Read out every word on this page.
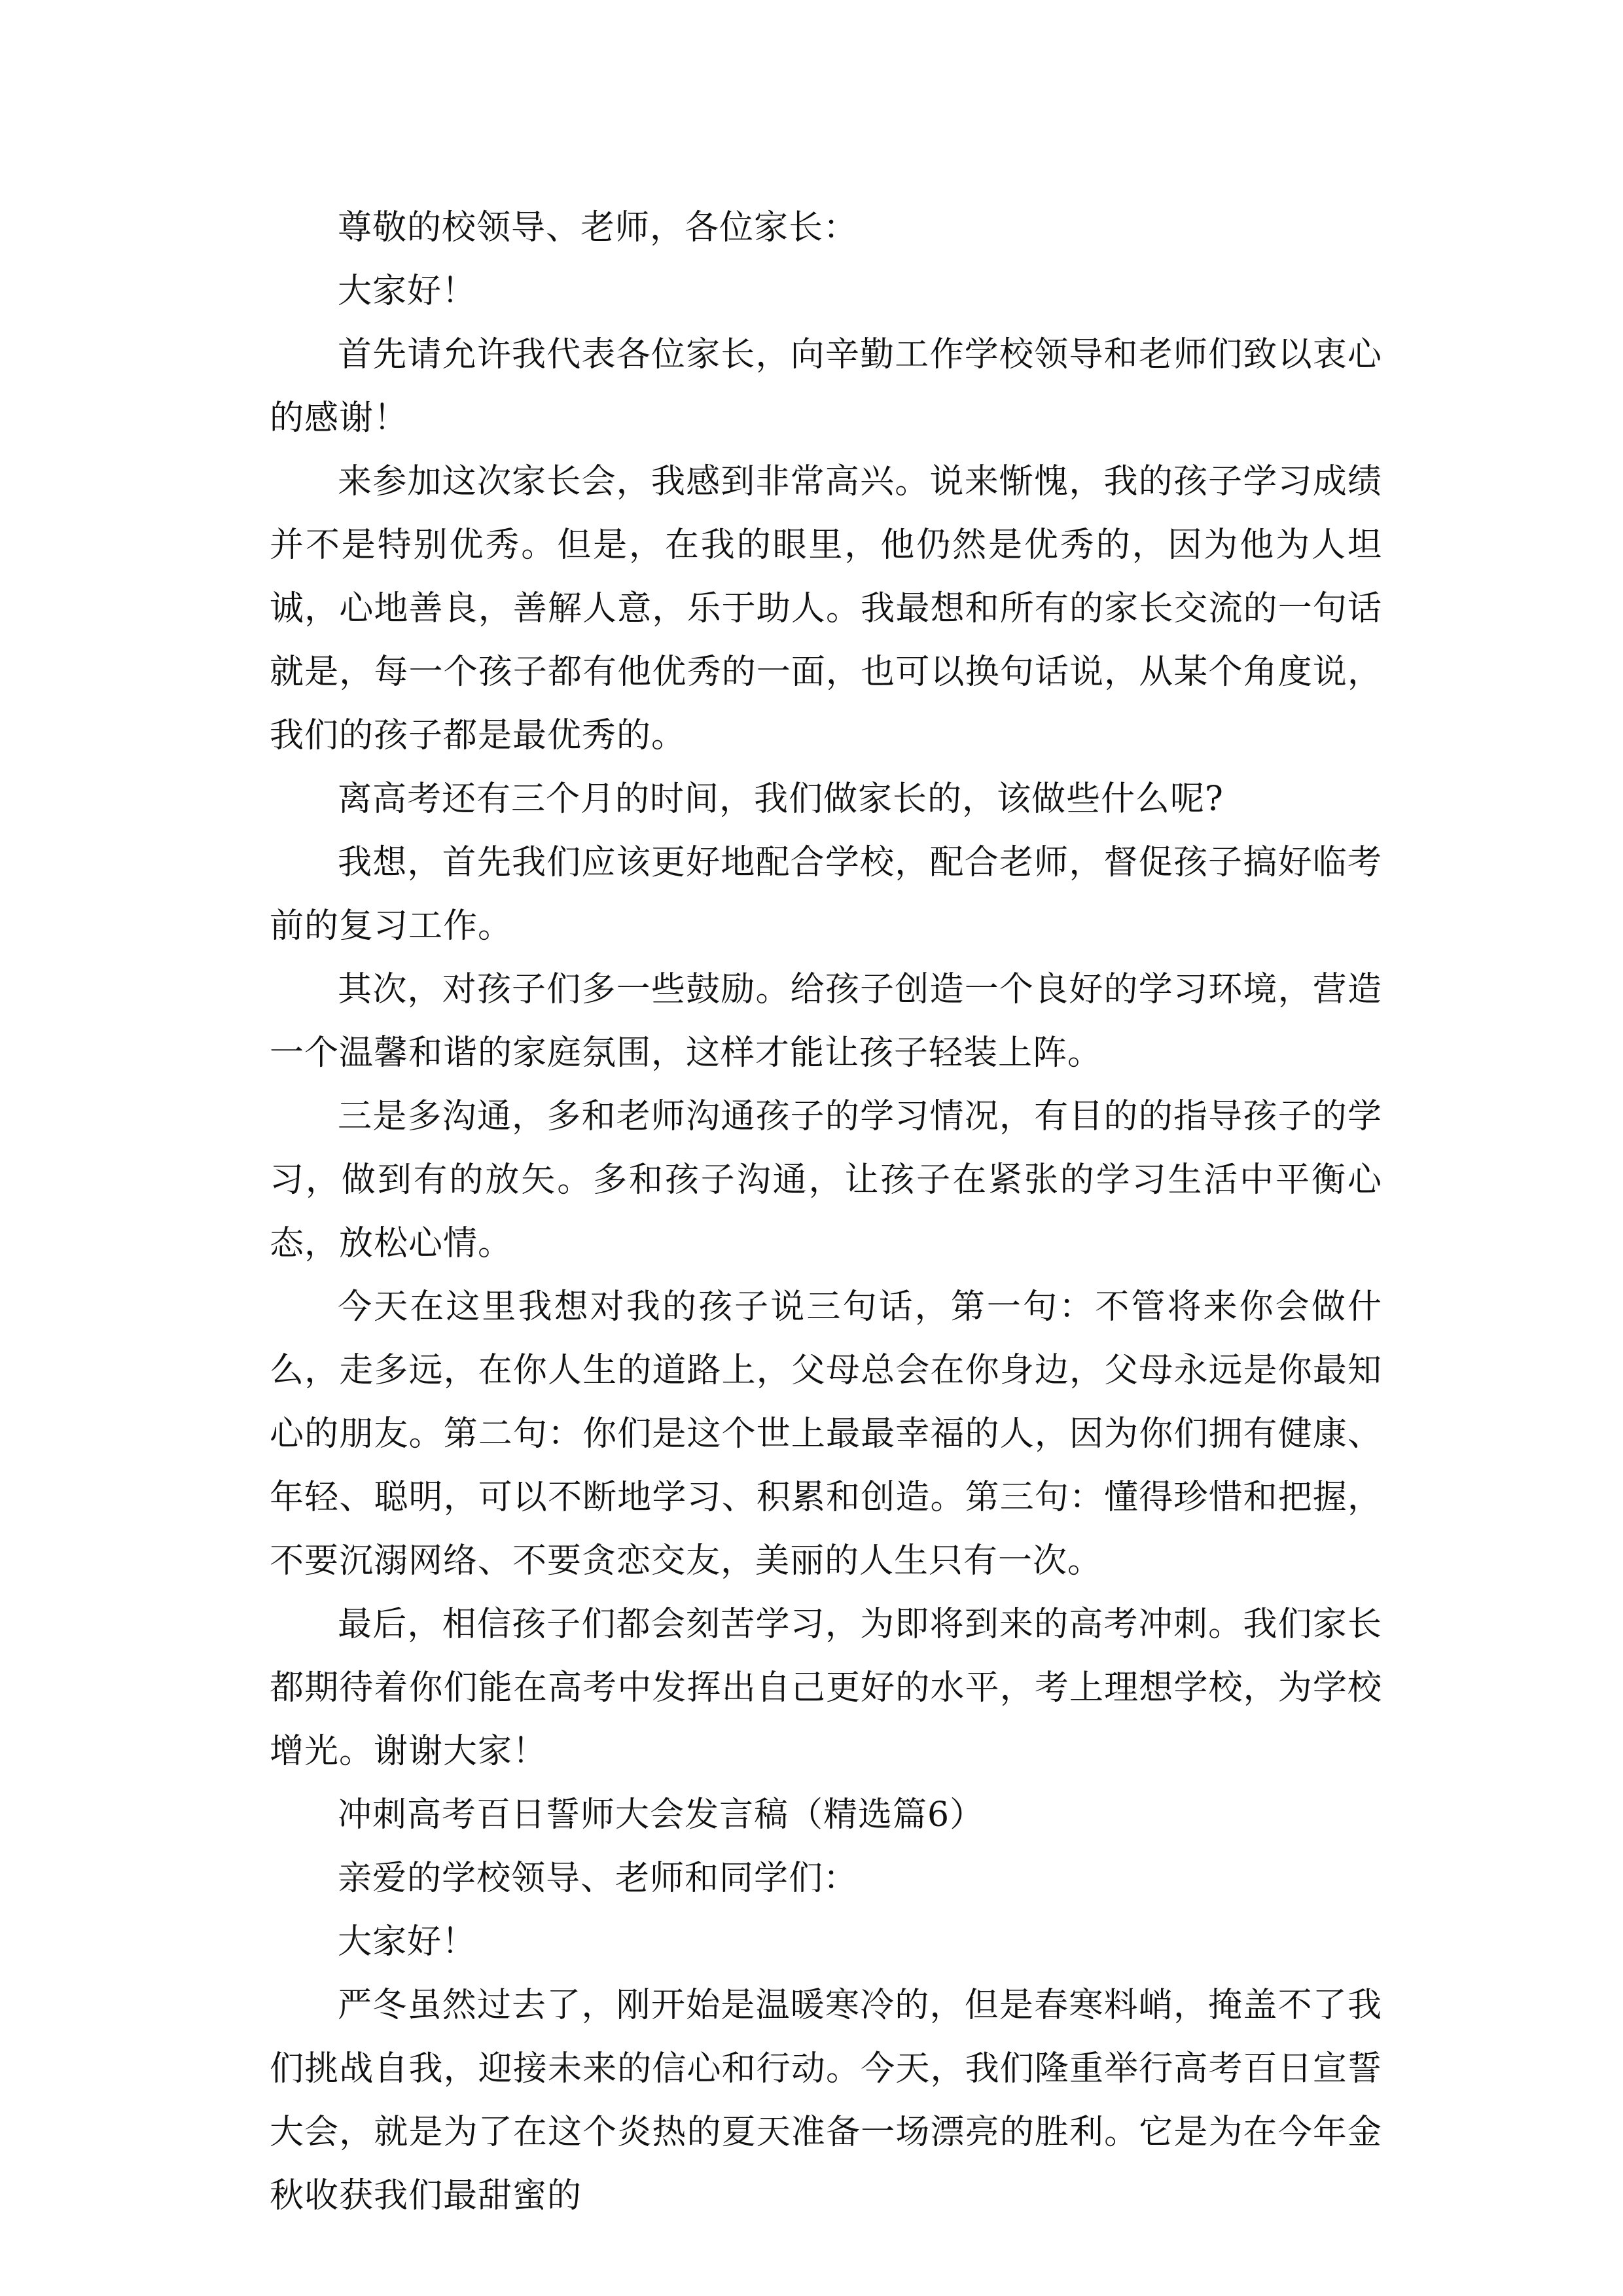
尊敬的校领导、老师，各位家长：

大家好！

首先请允许我代表各位家长，向辛勤工作学校领导和老师们致以衷心的感谢！

来参加这次家长会，我感到非常高兴。说来惭愧，我的孩子学习成绩并不是特别优秀。但是，在我的眼里，他仍然是优秀的，因为他为人坦诚，心地善良，善解人意，乐于助人。我最想和所有的家长交流的一句话就是，每一个孩子都有他优秀的一面，也可以换句话说，从某个角度说，我们的孩子都是最优秀的。

离高考还有三个月的时间，我们做家长的，该做些什么呢?

我想，首先我们应该更好地配合学校，配合老师，督促孩子搞好临考前的复习工作。

其次，对孩子们多一些鼓励。给孩子创造一个良好的学习环境，营造一个温馨和谐的家庭氛围，这样才能让孩子轻装上阵。

三是多沟通，多和老师沟通孩子的学习情况，有目的的指导孩子的学习，做到有的放矢。多和孩子沟通，让孩子在紧张的学习生活中平衡心态，放松心情。

今天在这里我想对我的孩子说三句话，第一句：不管将来你会做什么，走多远，在你人生的道路上，父母总会在你身边，父母永远是你最知心的朋友。第二句：你们是这个世上最最幸福的人，因为你们拥有健康、年轻、聪明，可以不断地学习、积累和创造。第三句：懂得珍惜和把握，不要沉溺网络、不要贪恋交友，美丽的人生只有一次。

最后，相信孩子们都会刻苦学习，为即将到来的高考冲刺。我们家长都期待着你们能在高考中发挥出自己更好的水平，考上理想学校，为学校增光。谢谢大家！

冲刺高考百日誓师大会发言稿（精选篇6）

亲爱的学校领导、老师和同学们：

大家好！

严冬虽然过去了，刚开始是温暖寒冷的，但是春寒料峭，掩盖不了我们挑战自我，迎接未来的信心和行动。今天，我们隆重举行高考百日宣誓大会，就是为了在这个炎热的夏天准备一场漂亮的胜利。它是为在今年金秋收获我们最甜蜜的
